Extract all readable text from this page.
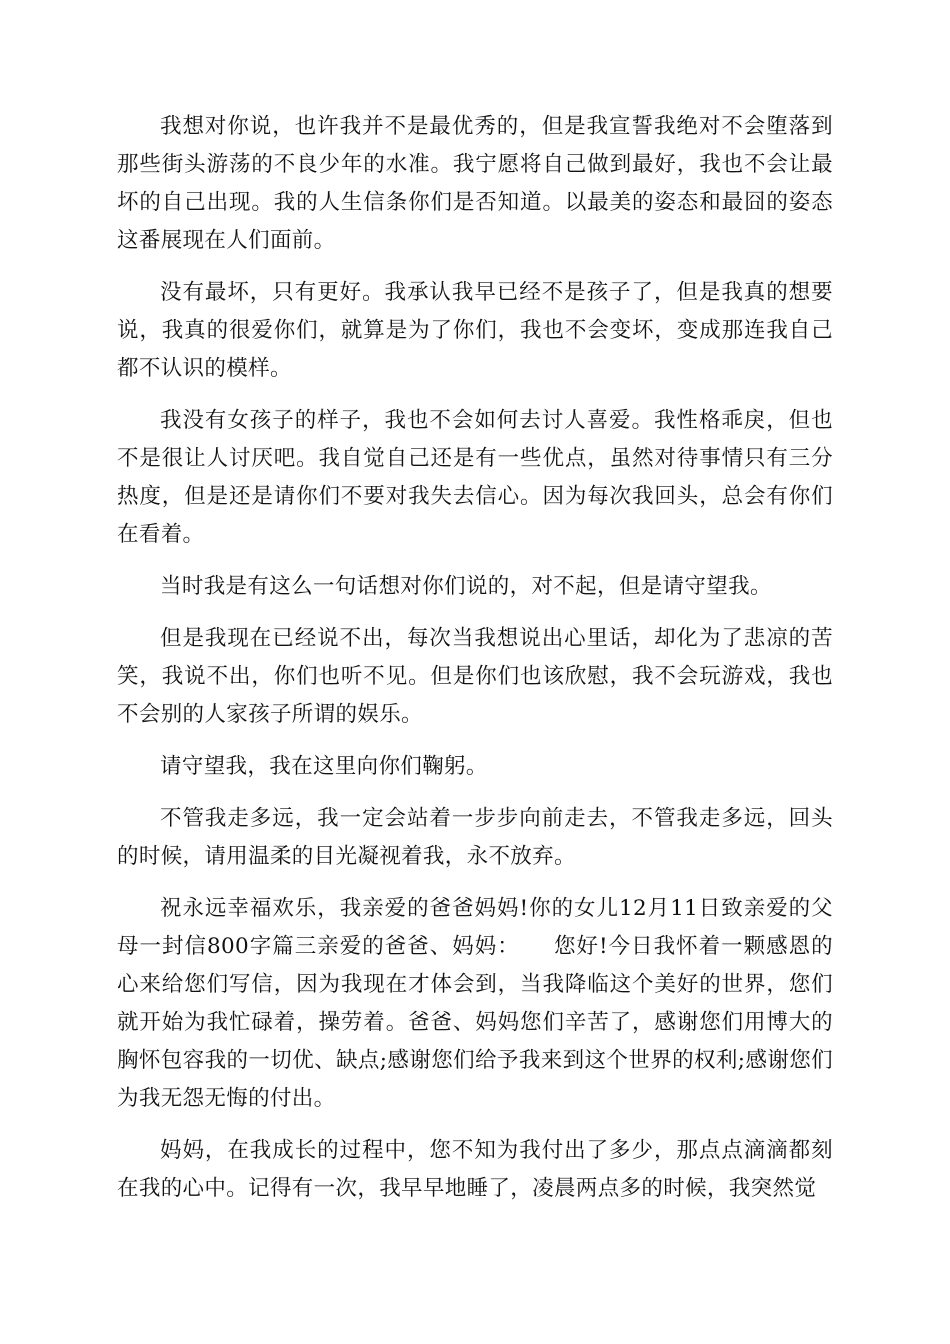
我想对你说，也许我并不是最优秀的，但是我宣誓我绝对不会堕落到那些街头游荡的不良少年的水准。我宁愿将自己做到最好，我也不会让最坏的自己出现。我的人生信条你们是否知道。以最美的姿态和最囧的姿态这番展现在人们面前。

没有最坏，只有更好。我承认我早已经不是孩子了，但是我真的想要说，我真的很爱你们，就算是为了你们，我也不会变坏，变成那连我自己都不认识的模样。

我没有女孩子的样子，我也不会如何去讨人喜爱。我性格乖戾，但也不是很让人讨厌吧。我自觉自己还是有一些优点，虽然对待事情只有三分热度，但是还是请你们不要对我失去信心。因为每次我回头，总会有你们在看着。

当时我是有这么一句话想对你们说的，对不起，但是请守望我。

但是我现在已经说不出，每次当我想说出心里话，却化为了悲凉的苦笑，我说不出，你们也听不见。但是你们也该欣慰，我不会玩游戏，我也不会别的人家孩子所谓的娱乐。

请守望我，我在这里向你们鞠躬。

不管我走多远，我一定会站着一步步向前走去，不管我走多远，回头的时候，请用温柔的目光凝视着我，永不放弃。

祝永远幸福欢乐，我亲爱的爸爸妈妈!你的女儿12月11日致亲爱的父母一封信800字篇三亲爱的爸爸、妈妈：　　您好!今日我怀着一颗感恩的心来给您们写信，因为我现在才体会到，当我降临这个美好的世界，您们就开始为我忙碌着，操劳着。爸爸、妈妈您们辛苦了，感谢您们用博大的胸怀包容我的一切优、缺点;感谢您们给予我来到这个世界的权利;感谢您们为我无怨无悔的付出。

妈妈，在我成长的过程中，您不知为我付出了多少，那点点滴滴都刻在我的心中。记得有一次，我早早地睡了，凌晨两点多的时候，我突然觉
